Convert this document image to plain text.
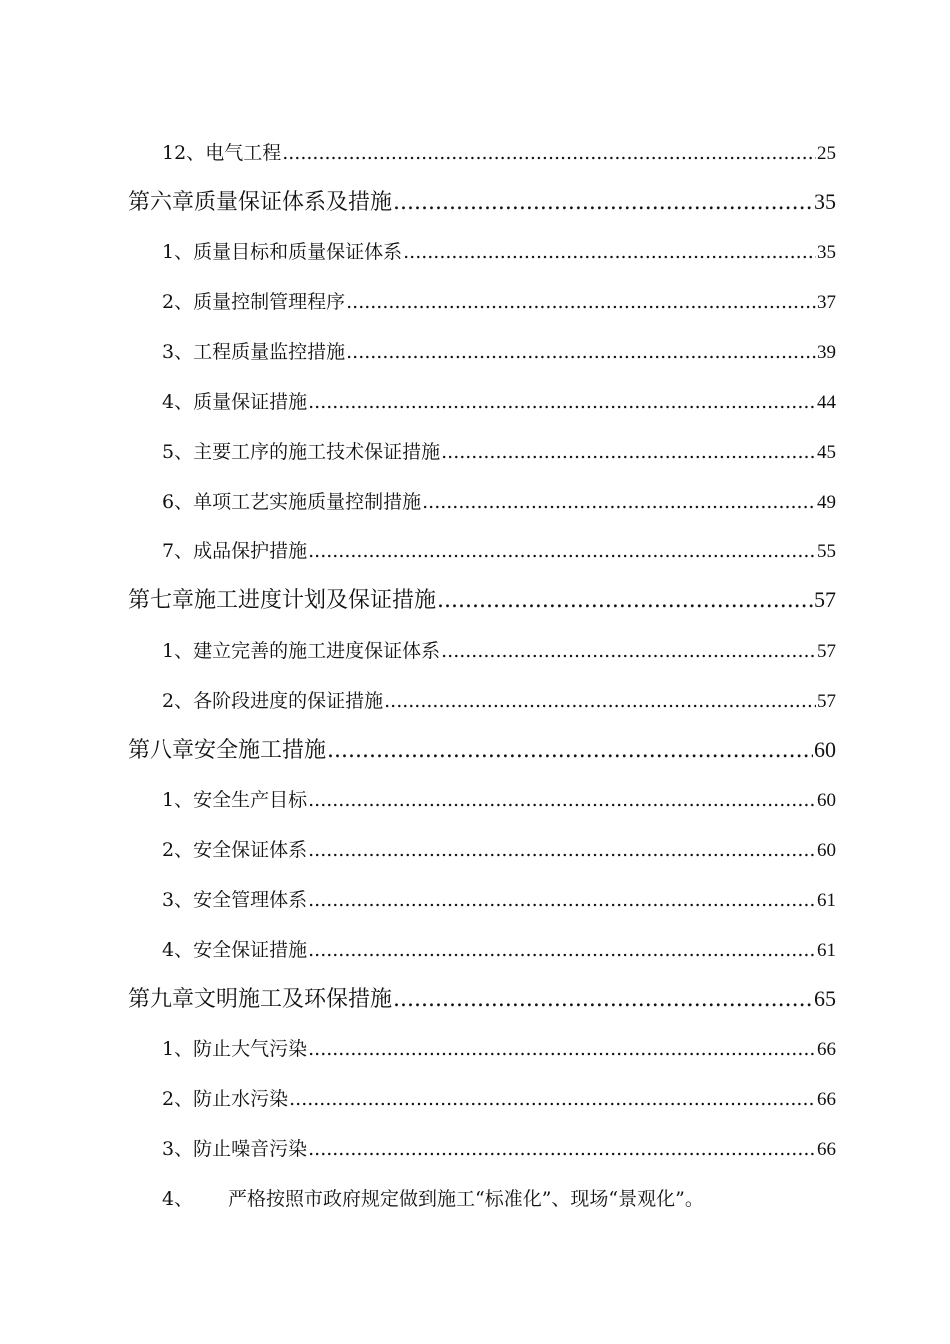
12、 电气工程 .....	25
第六章 质量保证体系及措施 .....	35
1、 质量目标和质量保证体系 .....	35
2、 质量控制管理程序 .....	37
3、 工程质量监控措施 .....	39
4、 质量保证措施 .....	44
5、 主要工序的施工技术保证措施 .....	45
6、 单项工艺实施质量控制措施 .....	49
7、 成品保护措施 .....	55
第七章 施工进度计划及保证措施 .....	57
1、 建立完善的施工进度保证体系 .....	57
2、 各阶段进度的保证措施 .....	57
第八章 安全施工措施 .....	60
1、 安全生产目标 .....	60
2、 安全保证体系 .....	60
3、 安全管理体系 .....	61
4、 安全保证措施 .....	61
第九章 文明施工及环保措施 .....	65
1、 防止大气污染 .....	66
2、 防止水污染 .....	66
3、 防止噪音污染 .....	66
4、	严格按照市政府规定做到施工“标准化”、现场“景观化”。
